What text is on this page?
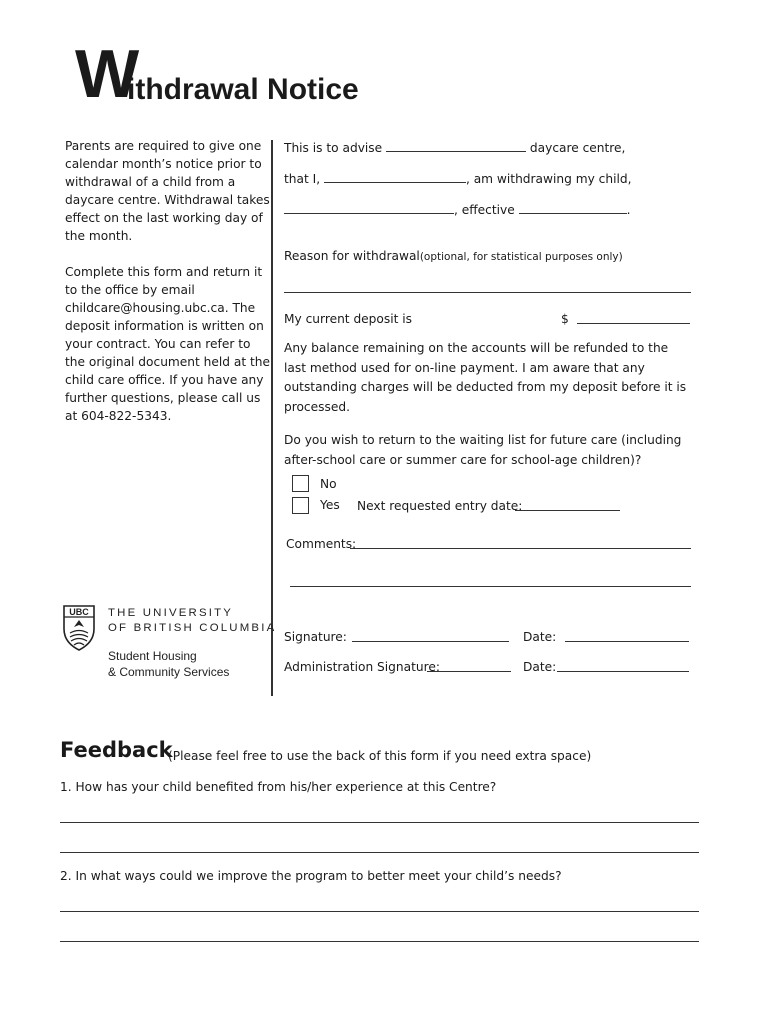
W
ithdrawal Notice
Parents are required to give one calendar month’s notice prior to withdrawal of a child from a daycare centre. Withdrawal takes effect on the last working day of the month.
Complete this form and return it to the office by email childcare@housing.ubc.ca. The deposit information is written on your contract. You can refer to the original document held at the child care office. If you have any further questions, please call us at 604-822-5343.
This is to advise	daycare centre,
that I,	, am withdrawing my child,
, effective	.
Reason for withdrawal(optional, for statistical purposes only)
My current deposit is	$
Any balance remaining on the accounts will be refunded to the last method used for on-line payment. I am aware that any outstanding charges will be deducted from my deposit before it is processed.
Do you wish to return to the waiting list for future care (including after-school care or summer care for school-age children)?
No
Yes Next requested entry date:
Comments:
Signature:	Date:
Administration Signature:	Date:
UBC THE UNIVERSITY
OF BRITISH COLUMBIA
Student Housing
& Community Services
Feedback
(Please feel free to use the back of this form if you need extra space)
1. How has your child benefited from his/her experience at this Centre?
2. In what ways could we improve the program to better meet your child’s needs?
